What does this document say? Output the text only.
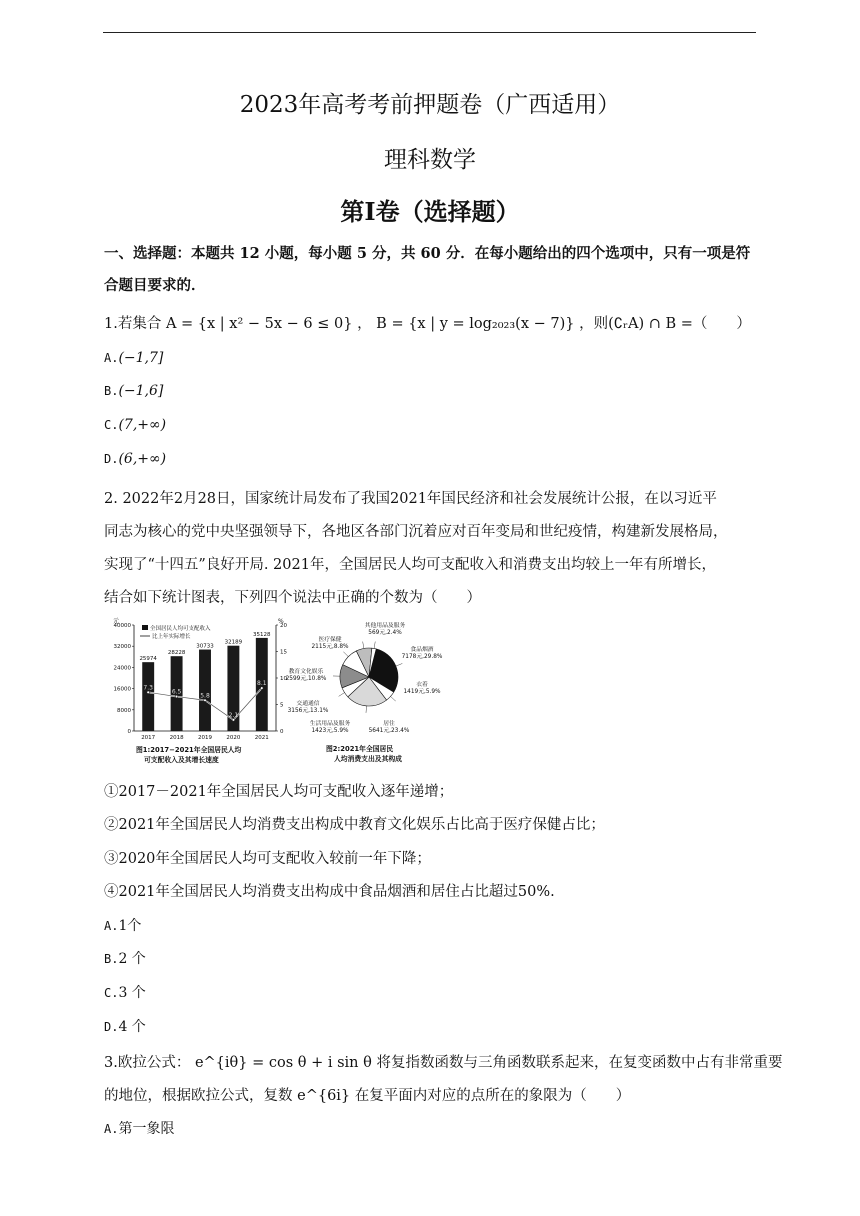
2023年高考考前押题卷（广西适用）
理科数学
第Ⅰ卷（选择题）
一、选择题：本题共 12 小题，每小题 5 分，共 60 分．在每小题给出的四个选项中，只有一项是符
合题目要求的．
1.若集合 A = {x | x² − 5x − 6 ≤ 0} ， B = {x | y = log₂₀₂₃(x − 7)} ，则(∁ᵣA) ∩ B =（　　）
A.(−1,7]
B.(−1,6]
C.(7,+∞)
D.(6,+∞)
2. 2022年2月28日，国家统计局发布了我国2021年国民经济和社会发展统计公报，在以习近平
同志为核心的党中央坚强领导下，各地区各部门沉着应对百年变局和世纪疫情，构建新发展格局，
实现了“十四五”良好开局. 2021年，全国居民人均可支配收入和消费支出均较上一年有所增长，
结合如下统计图表，下列四个说法中正确的个数为（　　）
元	%
全国居民人均可支配收入
比上年实际增长
0
8000
16000
24000
32000
40000
0
5
10
15
20
25974
2017
28228
2018
30733
2019
32189
2020
35128
2021
7.3
6.5
5.8
2.1
8.1
图1:2017−2021年全国居民人均
可支配收入及其增长速度
食品烟酒
7178元,29.8%
衣着
1419元,5.9%
居住
5641元,23.4%
生活用品及服务
1423元,5.9%
交通通信
3156元,13.1%
教育文化娱乐
2599元,10.8%
医疗保健
2115元,8.8%
其他用品及服务
569元,2.4%
图2:2021年全国居民
人均消费支出及其构成
①2017－2021年全国居民人均可支配收入逐年递增；
②2021年全国居民人均消费支出构成中教育文化娱乐占比高于医疗保健占比；
③2020年全国居民人均可支配收入较前一年下降；
④2021年全国居民人均消费支出构成中食品烟酒和居住占比超过50%.
A.1个
B.2 个
C.3 个
D.4 个
3.欧拉公式： e^{iθ} = cos θ + i sin θ 将复指数函数与三角函数联系起来，在复变函数中占有非常重要
的地位，根据欧拉公式，复数 e^{6i} 在复平面内对应的点所在的象限为（　　）
A.第一象限
